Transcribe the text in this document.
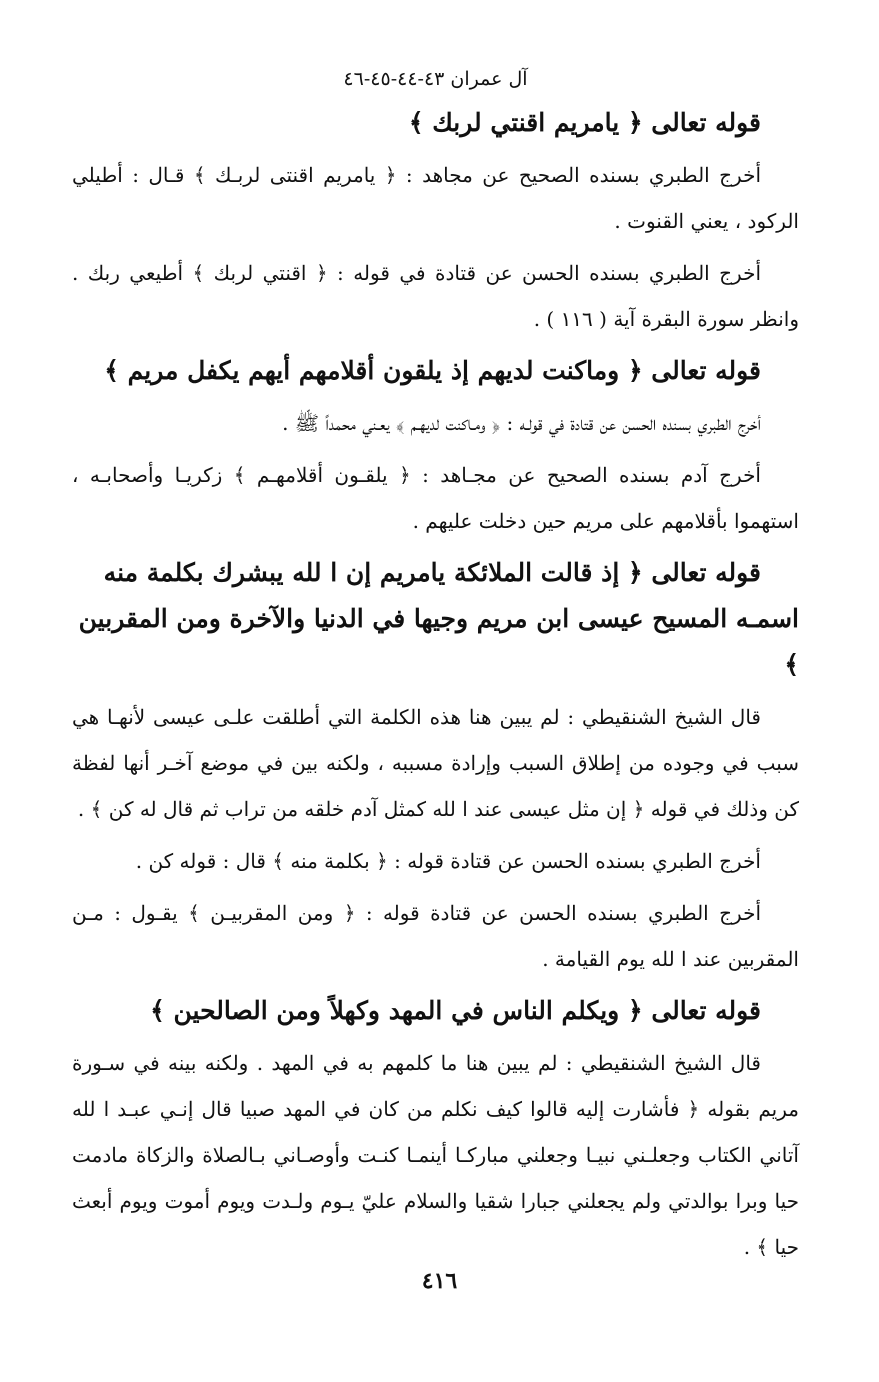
آل عمران ٤٣-٤٤-٤٥-٤٦
قوله تعالى ﴿ يامريم اقنتي لربك ﴾
أخرج الطبري بسنده الصحيح عن مجاهد : ﴿ يامريم اقنتى لربـك ﴾ قـال : أطيلي الركود ، يعني القنوت .
أخرج الطبري بسنده الحسن عن قتادة في قوله : ﴿ اقنتي لربك ﴾ أطيعي ربك . وانظر سورة البقرة آية ( ١١٦ ) .
قوله تعالى ﴿ وماكنت لديهم إذ يلقون أقلامهم أيهم يكفل مريم ﴾
أخرج الطبري بسنده الحسن عن قتادة في قولـه : ﴿ ومـاكنت لديهـم ﴾ يعـني محمداً ﷺ .
أخرج آدم بسنده الصحيح عن مجـاهد : ﴿ يلقـون أقلامهـم ﴾ زكريـا وأصحابـه ، استهموا بأقلامهم على مريم حين دخلت عليهم .
قوله تعالى ﴿ إذ قالت الملائكة يامريم إن ا لله يبشرك بكلمة منه اسمـه المسيح عيسى ابن مريم وجيها في الدنيا والآخرة ومن المقربين ﴾
قال الشيخ الشنقيطي : لم يبين هنا هذه الكلمة التي أطلقت علـى عيسى لأنهـا هي سبب في وجوده من إطلاق السبب وإرادة مسببه ، ولكنه بين في موضع آخـر أنها لفظة كن وذلك في قوله ﴿ إن مثل عيسى عند ا لله كمثل آدم خلقه من تراب ثم قال له كن ﴾ .
أخرج الطبري بسنده الحسن عن قتادة قوله : ﴿ بكلمة منه ﴾ قال : قوله كن .
أخرج الطبري بسنده الحسن عن قتادة قوله : ﴿ ومن المقربيـن ﴾ يقـول : مـن المقربين عند ا لله يوم القيامة .
قوله تعالى ﴿ ويكلم الناس في المهد وكهلاً ومن الصالحين ﴾
قال الشيخ الشنقيطي : لم يبين هنا ما كلمهم به في المهد . ولكنه بينه في سـورة مريم بقوله ﴿ فأشارت إليه قالوا كيف نكلم من كان في المهد صبيا قال إنـي عبـد ا لله آتاني الكتاب وجعلـني نبيـا وجعلني مباركـا أينمـا كنـت وأوصـاني بـالصلاة والزكاة مادمت حيا وبرا بوالدتي ولم يجعلني جبارا شقيا والسلام عليّ يـوم ولـدت ويوم أموت ويوم أبعث حيا ﴾ .
٤١٦
